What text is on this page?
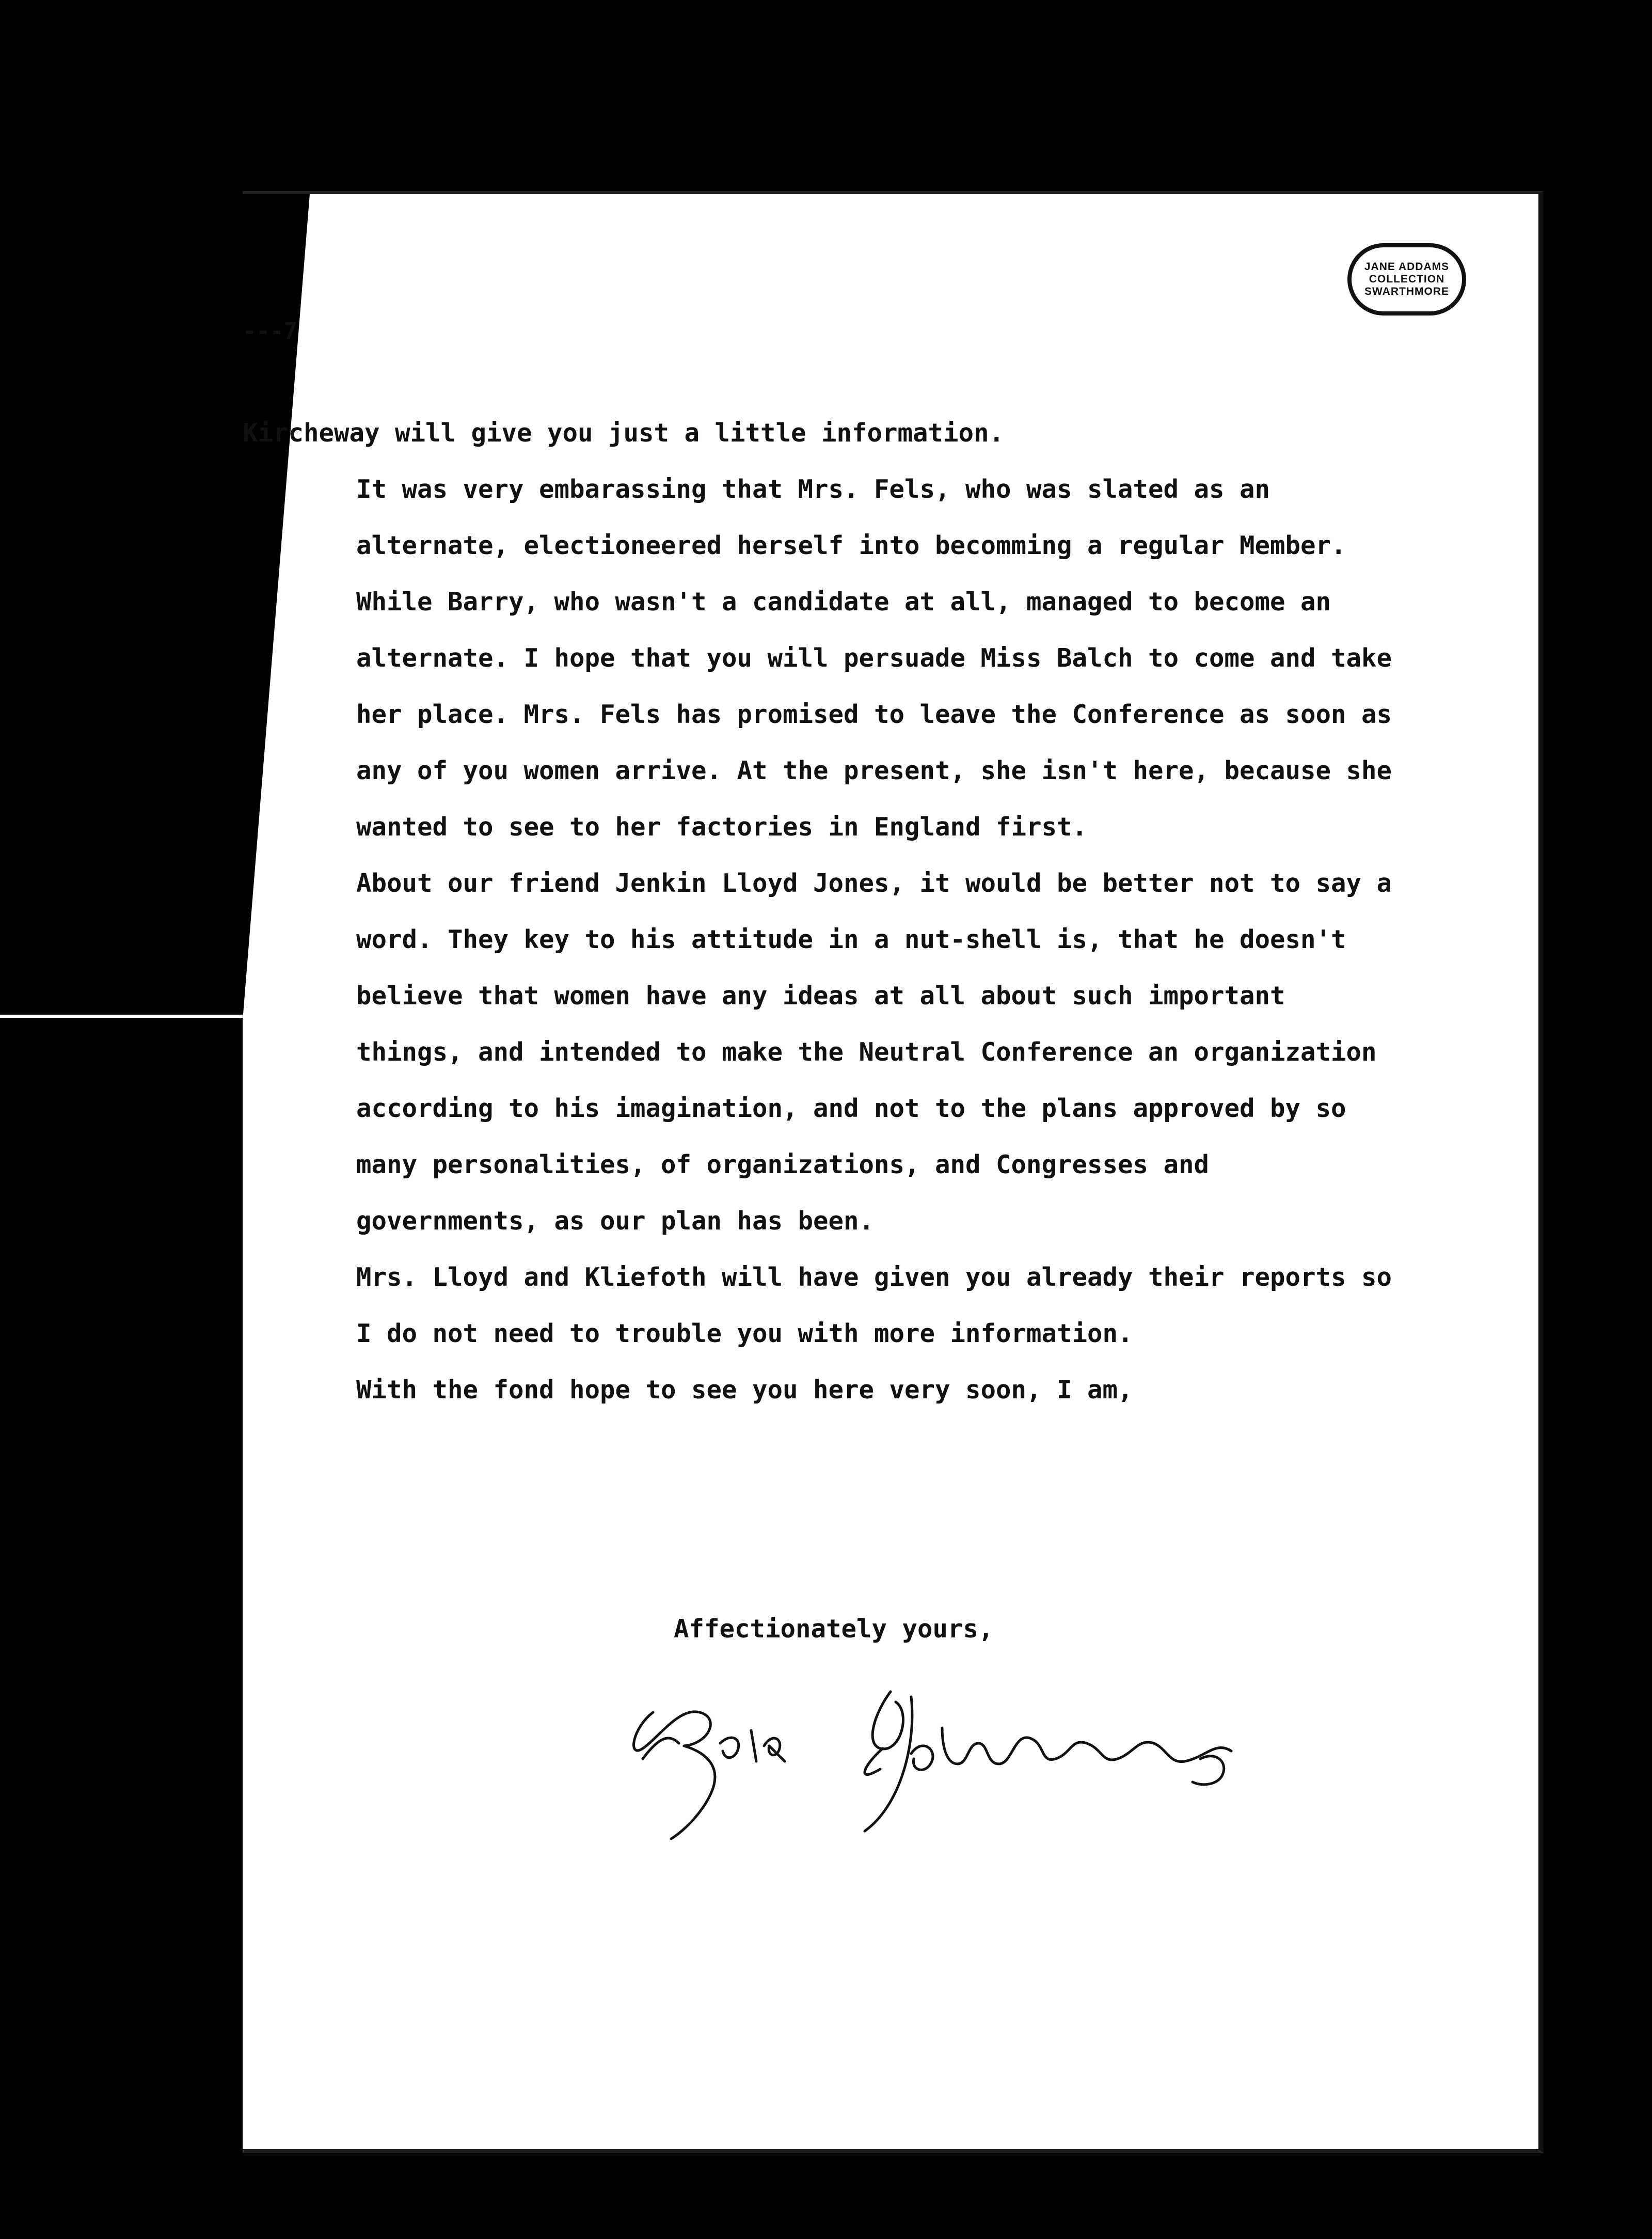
JANE ADDAMS
COLLECTION
SWARTHMORE
---7

Kircheway will give you just a little information.

It was very embarassing that Mrs. Fels, who was slated as an alternate, electioneered herself into becomming a regular Member. While Barry, who wasn't a candidate at all, managed to become an alternate. I hope that you will persuade Miss Balch to come and take her place. Mrs. Fels has promised to leave the Conference as soon as any of you women arrive. At the present, she isn't here, because she wanted to see to her factories in England first.

About our friend Jenkin Lloyd Jones, it would be better not to say a word. They key to his attitude in a nut-shell is, that he doesn't believe that women have any ideas at all about such important things, and intended to make the Neutral Conference an organization according to his imagination, and not to the plans approved by so many personalities, of organizations, and Congresses and governments, as our plan has been.

Mrs. Lloyd and Kliefoth will have given you already their reports so I do not need to trouble you with more information.

With the fond hope to see you here very soon, I am,

Affectionately yours,
Rosika Schwimmer
